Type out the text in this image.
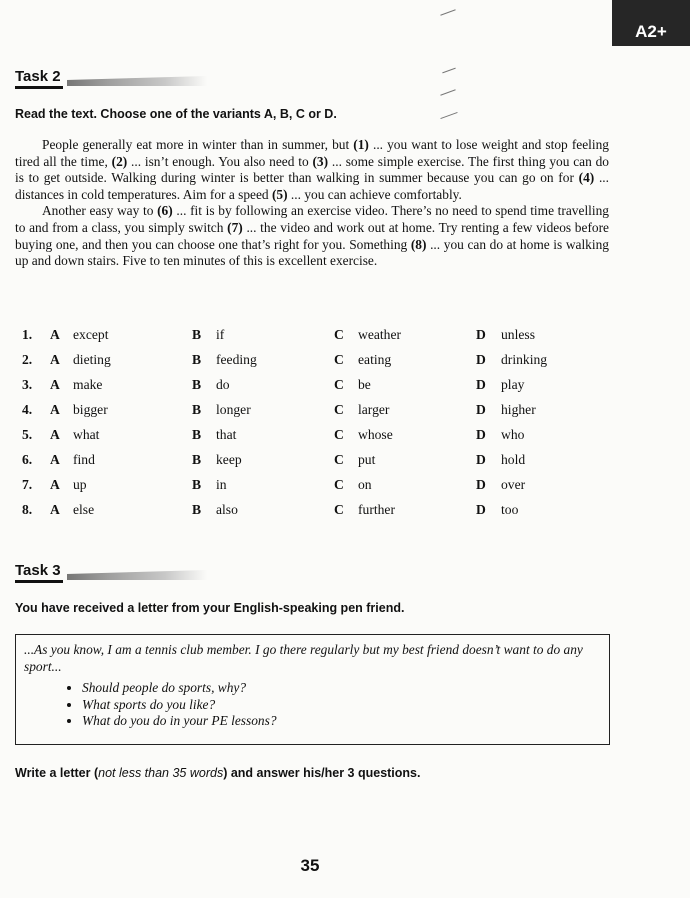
A2+
Task 2
Read the text. Choose one of the variants A, B, C or D.

People generally eat more in winter than in summer, but (1) ... you want to lose weight and stop feeling tired all the time, (2) ... isn’t enough. You also need to (3) ... some simple exercise. The first thing you can do is to get outside. Walking during winter is better than walking in summer because you can go on for (4) ... distances in cold temperatures. Aim for a speed (5) ... you can achieve comfortably.

Another easy way to (6) ... fit is by following an exercise video. There’s no need to spend time travelling to and from a class, you simply switch (7) ... the video and work out at home. Try renting a few videos before buying one, and then you can choose one that’s right for you. Something (8) ... you can do at home is walking up and down stairs. Five to ten minutes of this is excellent exercise.

1. A except	B if	C weather	D unless
2. A dieting	B feeding	C eating	D drinking
3. A make	B do	C be	D play
4. A bigger	B longer	C larger	D higher
5. A what	B that	C whose	D who
6. A find	B keep	C put	D hold
7. A up	B in	C on	D over
8. A else	B also	C further	D too
Task 3
You have received a letter from your English-speaking pen friend.
...As you know, I am a tennis club member. I go there regularly but my best friend doesn’t want to do any sport...
• Should people do sports, why?
• What sports do you like?
• What do you do in your PE lessons?
Write a letter (not less than 35 words) and answer his/her 3 questions.
35
